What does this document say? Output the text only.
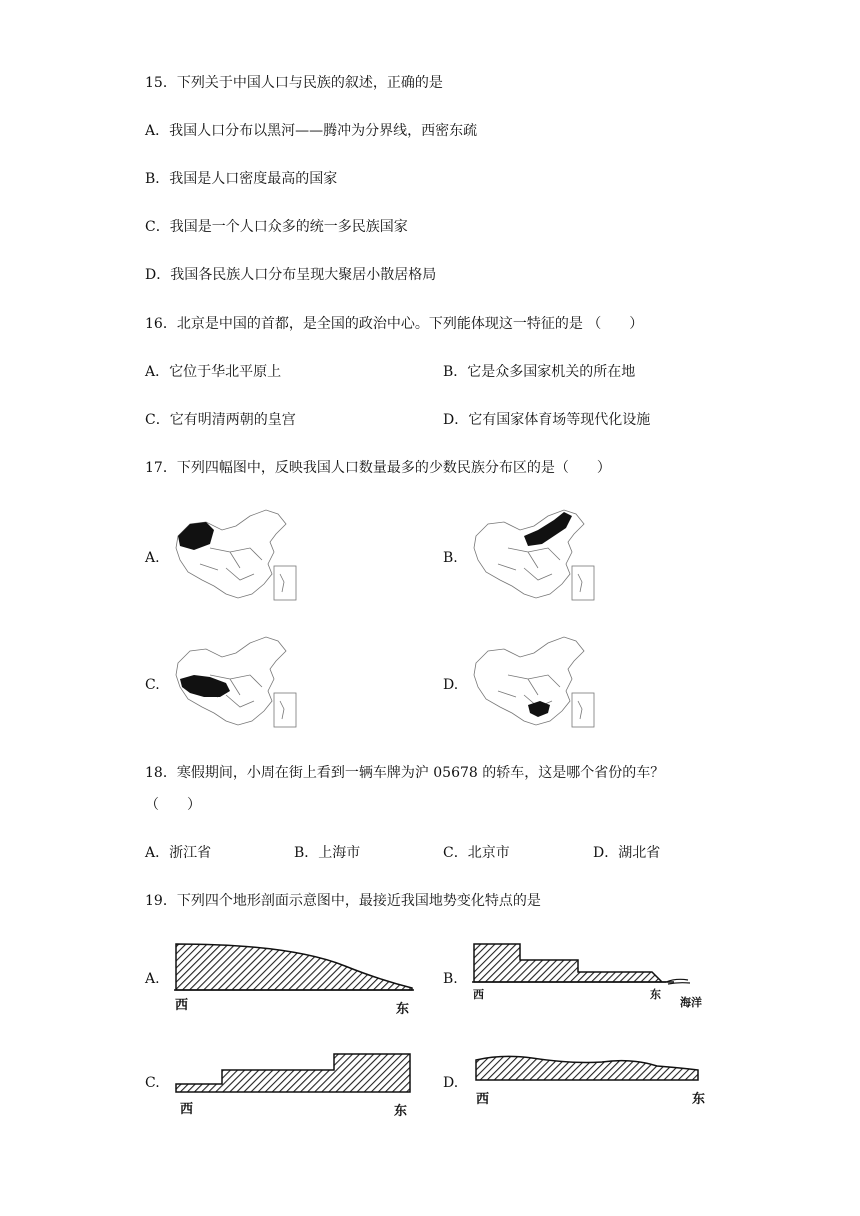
15．下列关于中国人口与民族的叙述，正确的是
A．我国人口分布以黑河——腾冲为分界线，西密东疏
B．我国是人口密度最高的国家
C．我国是一个人口众多的统一多民族国家
D．我国各民族人口分布呈现大聚居小散居格局
16．北京是中国的首都，是全国的政治中心。下列能体现这一特征的是 （　　）
A．它位于华北平原上	B．它是众多国家机关的所在地
C．它有明清两朝的皇宫	D．它有国家体育场等现代化设施
17．下列四幅图中，反映我国人口数量最多的少数民族分布区的是（　　）
A.	B.
C.	D.
18．寒假期间，小周在街上看到一辆车牌为沪 05678 的轿车，这是哪个省份的车？
（　　）
A．浙江省	B．上海市	C．北京市	D．湖北省
19．下列四个地形剖面示意图中，最接近我国地势变化特点的是
A.
西	东
B.
西	东
海洋
C.
西	东
D.
西	东
